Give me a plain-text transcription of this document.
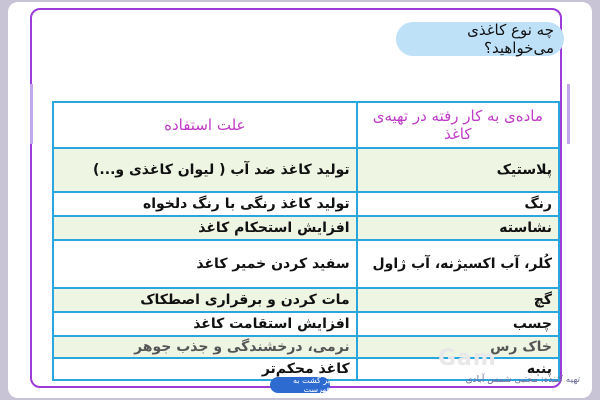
چه نوع کاغذی می‌خواهید؟
ماده‌ی به کار رفته در تهیه‌ی کاغذ	علت استفاده
پلاستیک	تولید کاغذ ضد آب ( لیوان کاغذی و...)
رنگ	تولید کاغذ رنگی با رنگ دلخواه
نشاسته	افزایش استحکام کاغذ
کُلر، آب اکسیژنه، آب ژاول	سفید کردن خمیر کاغذ
گچ	مات کردن و برقراری اصطکاک
چسب	افزایش استقامت کاغذ
خاک رس	نرمی، درخشندگی و جذب جوهر
پنبه	کاغذ محکم‌تر	Gam
تهیه کننده: مجتبی شمس آبادی
بر گشت به فهرست
